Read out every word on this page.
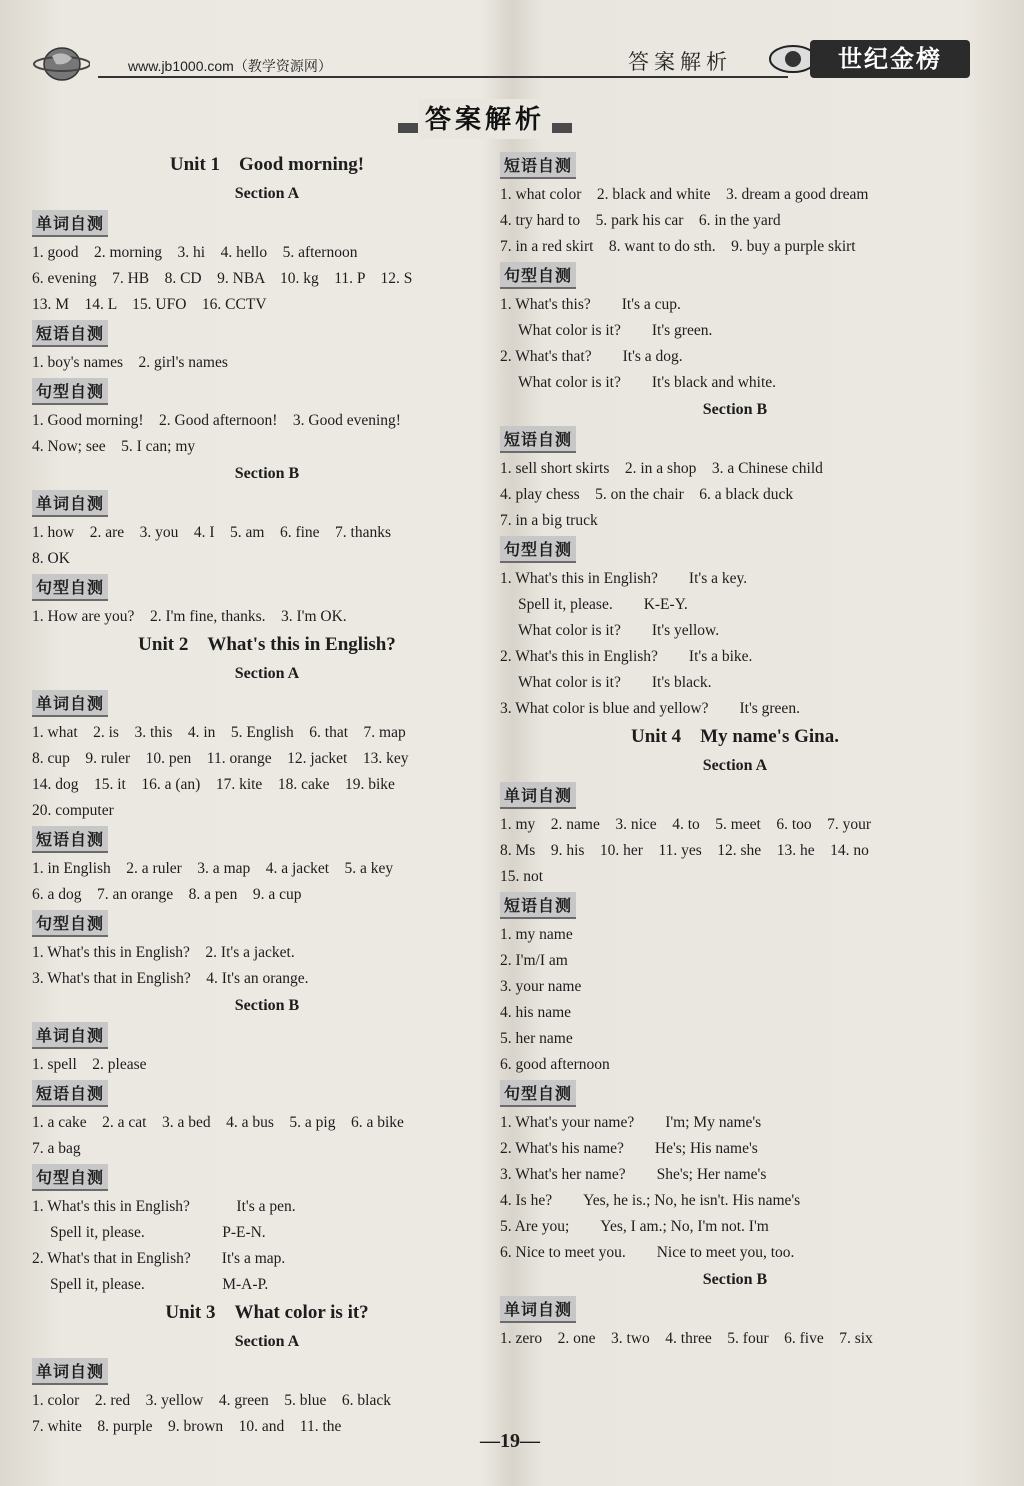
www.jb1000.com（教学资源网）	答案解析	世纪金榜
答案解析
Unit 1　Good morning!
Section A
单词自测
1. good　2. morning　3. hi　4. hello　5. afternoon
6. evening　7. HB　8. CD　9. NBA　10. kg　11. P　12. S
13. M　14. L　15. UFO　16. CCTV
短语自测
1. boy's names　2. girl's names
句型自测
1. Good morning!　2. Good afternoon!　3. Good evening!
4. Now; see　5. I can; my
Section B
单词自测
1. how　2. are　3. you　4. I　5. am　6. fine　7. thanks
8. OK
句型自测
1. How are you?　2. I'm fine, thanks.　3. I'm OK.
Unit 2　What's this in English?
Section A
单词自测
1. what　2. is　3. this　4. in　5. English　6. that　7. map
8. cup　9. ruler　10. pen　11. orange　12. jacket　13. key
14. dog　15. it　16. a (an)　17. kite　18. cake　19. bike
20. computer
短语自测
1. in English　2. a ruler　3. a map　4. a jacket　5. a key
6. a dog　7. an orange　8. a pen　9. a cup
句型自测
1. What's this in English?　2. It's a jacket.
3. What's that in English?　4. It's an orange.
Section B
单词自测
1. spell　2. please
短语自测
1. a cake　2. a cat　3. a bed　4. a bus　5. a pig　6. a bike
7. a bag
句型自测
1. What's this in English?　　　It's a pen.
Spell it, please.　　　　　P-E-N.
2. What's that in English?　　It's a map.
Spell it, please.　　　　　M-A-P.
Unit 3　What color is it?
Section A
单词自测
1. color　2. red　3. yellow　4. green　5. blue　6. black
7. white　8. purple　9. brown　10. and　11. the
短语自测
1. what color　2. black and white　3. dream a good dream
4. try hard to　5. park his car　6. in the yard
7. in a red skirt　8. want to do sth.　9. buy a purple skirt
句型自测
1. What's this?　　It's a cup.
What color is it?　　It's green.
2. What's that?　　It's a dog.
What color is it?　　It's black and white.
Section B
短语自测
1. sell short skirts　2. in a shop　3. a Chinese child
4. play chess　5. on the chair　6. a black duck
7. in a big truck
句型自测
1. What's this in English?　　It's a key.
Spell it, please.　　K-E-Y.
What color is it?　　It's yellow.
2. What's this in English?　　It's a bike.
What color is it?　　It's black.
3. What color is blue and yellow?　　It's green.
Unit 4　My name's Gina.
Section A
单词自测
1. my　2. name　3. nice　4. to　5. meet　6. too　7. your
8. Ms　9. his　10. her　11. yes　12. she　13. he　14. no
15. not
短语自测
1. my name
2. I'm/I am
3. your name
4. his name
5. her name
6. good afternoon
句型自测
1. What's your name?　　I'm; My name's
2. What's his name?　　He's; His name's
3. What's her name?　　She's; Her name's
4. Is he?　　Yes, he is.; No, he isn't. His name's
5. Are you;　　Yes, I am.; No, I'm not. I'm
6. Nice to meet you.　　Nice to meet you, too.
Section B
单词自测
1. zero　2. one　3. two　4. three　5. four　6. five　7. six
—19—
